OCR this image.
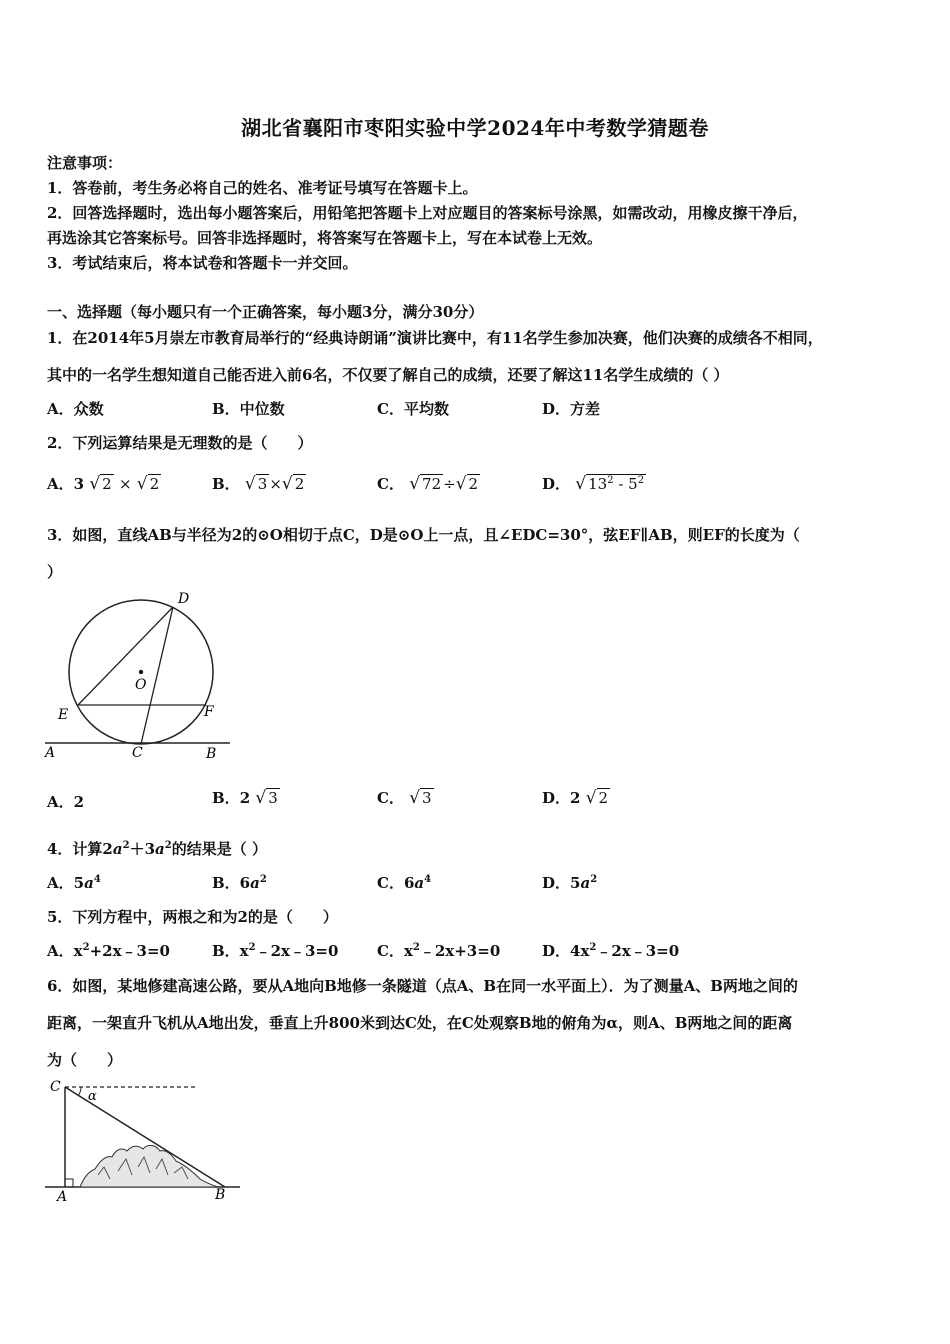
湖北省襄阳市枣阳实验中学2024年中考数学猜题卷
注意事项：
1．答卷前，考生务必将自己的姓名、准考证号填写在答题卡上。
2．回答选择题时，选出每小题答案后，用铅笔把答题卡上对应题目的答案标号涂黑，如需改动，用橡皮擦干净后，
再选涂其它答案标号。回答非选择题时，将答案写在答题卡上，写在本试卷上无效。
3．考试结束后，将本试卷和答题卡一并交回。
一、选择题（每小题只有一个正确答案，每小题3分，满分30分）
1．在2014年5月崇左市教育局举行的“经典诗朗诵”演讲比赛中，有11名学生参加决赛，他们决赛的成绩各不相同，
其中的一名学生想知道自己能否进入前6名，不仅要了解自己的成绩，还要了解这11名学生成绩的（ ）
A．众数	B．中位数	C．平均数	D．方差
2．下列运算结果是无理数的是（　　）
A．3 √ 2 × √ 2	B． √ 3 ×√ 2	C． √ 72 ÷√ 2	D． √ $13^2 - 5^2$
3．如图，直线AB与半径为2的⊙O相切于点C，D是⊙O上一点，且∠EDC=30°，弦EF∥AB，则EF的长度为（
）
D
O
E	F
A	C	B
A．2	B．2 √ 3	C． √ 3	D．2 √ 2
4．计算$2a^2+3a^2$的结果是（ ）
A．$5a^4$	B．$6a^2$	C．$6a^4$	D．$5a^2$
5．下列方程中，两根之和为2的是（　　）
A．$x^2+2x﹣3=0$	B．$x^2﹣2x﹣3=0$	C．$x^2﹣2x+3=0$	D．$4x^2﹣2x﹣3=0$
6．如图，某地修建高速公路，要从A地向B地修一条隧道（点A、B在同一水平面上）．为了测量A、B两地之间的
距离，一架直升飞机从A地出发，垂直上升800米到达C处，在C处观察B地的俯角为α，则A、B两地之间的距离
为（　　）
C
α
A	B
